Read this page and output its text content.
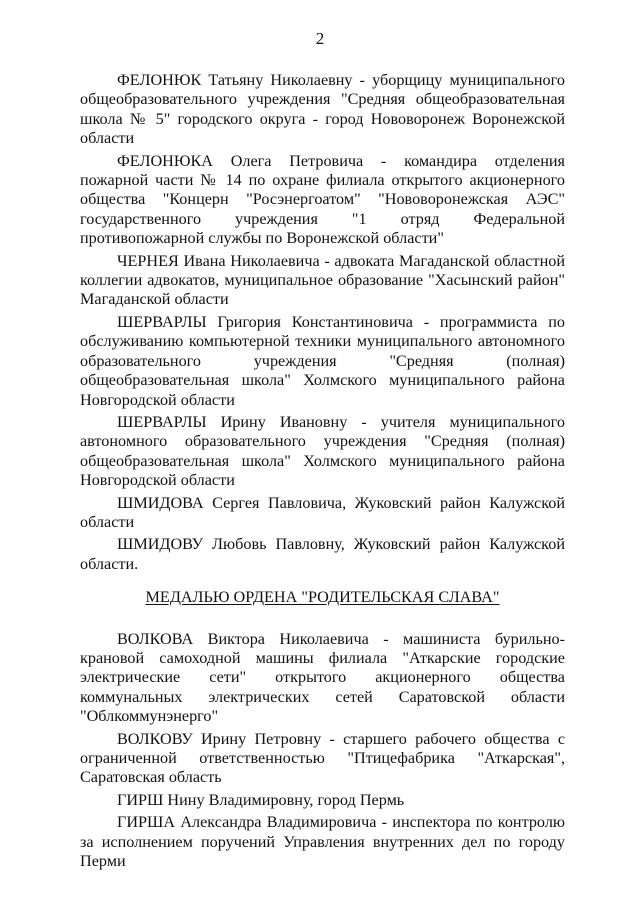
2

ФЕЛОНЮК Татьяну Николаевну - уборщицу муниципального
общеобразовательного учреждения "Средняя общеобразовательная
школа № 5" городского округа - город Нововоронеж Воронежской
области

ФЕЛОНЮКА Олега Петровича - командира отделения
пожарной части № 14 по охране филиала открытого акционерного
общества "Концерн "Росэнергоатом" "Нововоронежская АЭС"
государственного учреждения "1 отряд Федеральной
противопожарной службы по Воронежской области"

ЧЕРНЕЯ Ивана Николаевича - адвоката Магаданской областной
коллегии адвокатов, муниципальное образование "Хасынский район"
Магаданской области

ШЕРВАРЛЫ Григория Константиновича - программиста по
обслуживанию компьютерной техники муниципального автономного
образовательного учреждения "Средняя (полная)
общеобразовательная школа" Холмского муниципального района
Новгородской области

ШЕРВАРЛЫ Ирину Ивановну - учителя муниципального
автономного образовательного учреждения "Средняя (полная)
общеобразовательная школа" Холмского муниципального района
Новгородской области

ШМИДОВА Сергея Павловича, Жуковский район Калужской
области

ШМИДОВУ Любовь Павловну, Жуковский район Калужской
области.

МЕДАЛЬЮ ОРДЕНА "РОДИТЕЛЬСКАЯ СЛАВА"

ВОЛКОВА Виктора Николаевича - машиниста бурильно-
крановой самоходной машины филиала "Аткарские городские
электрические сети" открытого акционерного общества
коммунальных электрических сетей Саратовской области
"Облкоммунэнерго"

ВОЛКОВУ Ирину Петровну - старшего рабочего общества с
ограниченной ответственностью "Птицефабрика "Аткарская",
Саратовская область

ГИРШ Нину Владимировну, город Пермь

ГИРША Александра Владимировича - инспектора по контролю
за исполнением поручений Управления внутренних дел по городу
Перми
